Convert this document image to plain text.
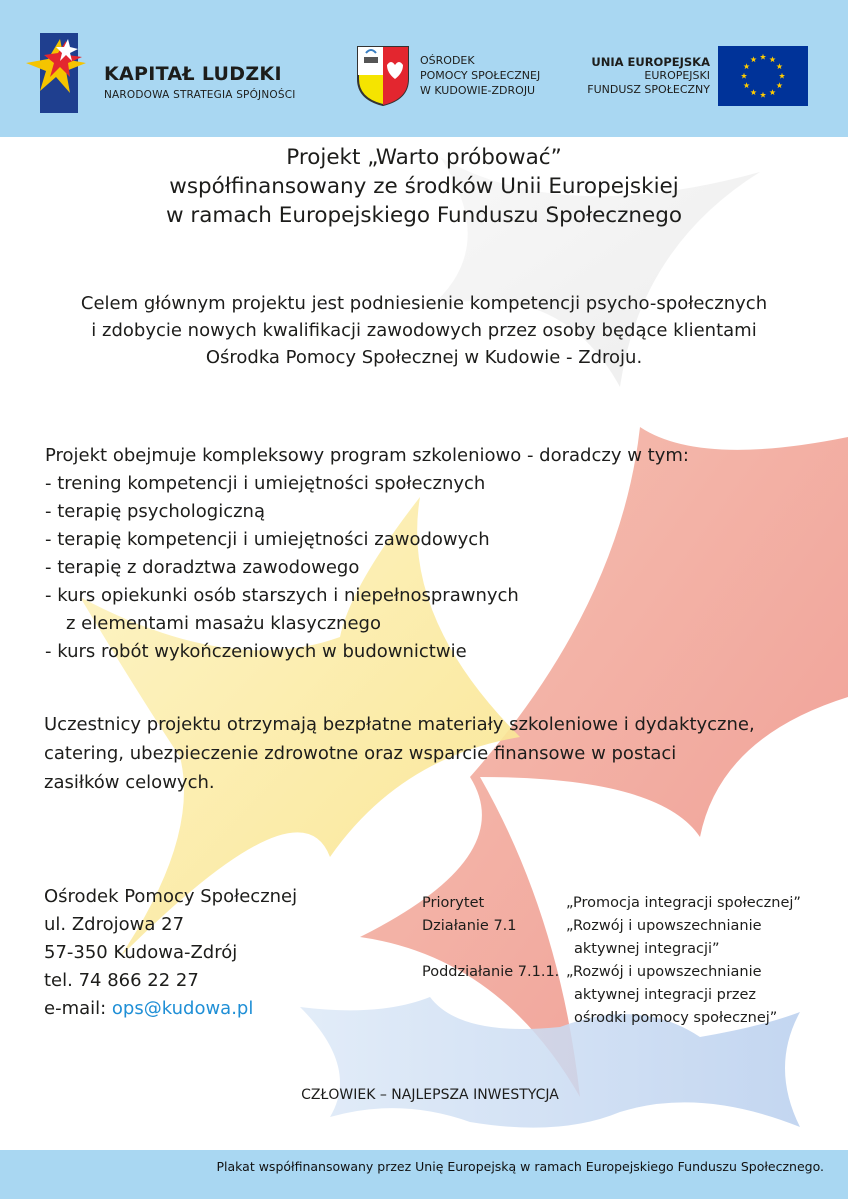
KAPITAŁ LUDZKI
NARODOWA STRATEGIA SPÓJNOŚCI
OŚRODEK
POMOCY SPOŁECZNEJ
W KUDOWIE-ZDROJU
UNIA EUROPEJSKA
EUROPEJSKI
FUNDUSZ SPOŁECZNY
Projekt „Warto próbować”
współfinansowany ze środków Unii Europejskiej
w ramach Europejskiego Funduszu Społecznego
Celem głównym projektu jest podniesienie kompetencji psycho-społecznych
i zdobycie nowych kwalifikacji zawodowych przez osoby będące klientami
Ośrodka Pomocy Społecznej w Kudowie - Zdroju.
Projekt obejmuje kompleksowy program szkoleniowo - doradczy w tym:
- trening kompetencji i umiejętności społecznych
- terapię psychologiczną
- terapię kompetencji i umiejętności zawodowych
- terapię z doradztwa zawodowego
- kurs opiekunki osób starszych i niepełnosprawnych
z elementami masażu klasycznego
- kurs robót wykończeniowych w budownictwie
Uczestnicy projektu otrzymają bezpłatne materiały szkoleniowe i dydaktyczne,
catering, ubezpieczenie zdrowotne oraz wsparcie finansowe w postaci
zasiłków celowych.
Ośrodek Pomocy Społecznej
ul. Zdrojowa 27
57-350 Kudowa-Zdrój
tel. 74 866 22 27
e-mail: ops@kudowa.pl
Priorytet	„Promocja integracji społecznej”
Działanie 7.1	„Rozwój i upowszechnianie
aktywnej integracji”
Poddziałanie 7.1.1. „Rozwój i upowszechnianie
aktywnej integracji przez
ośrodki pomocy społecznej”
CZŁOWIEK – NAJLEPSZA INWESTYCJA
Plakat współfinansowany przez Unię Europejską w ramach Europejskiego Funduszu Społecznego.
